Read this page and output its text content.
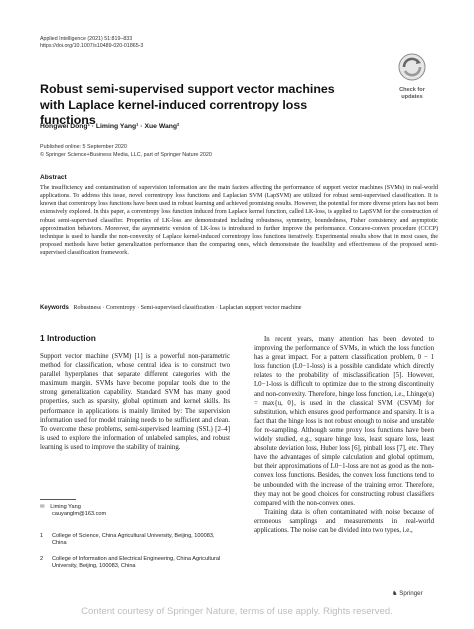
Applied Intelligence (2021) 51:819–833
https://doi.org/10.1007/s10489-020-01865-3
Check for
updates
Robust semi-supervised support vector machines with Laplace kernel-induced correntropy loss functions
Hongwei Dong¹ · Liming Yang¹ · Xue Wang²
Published online: 5 September 2020
© Springer Science+Business Media, LLC, part of Springer Nature 2020
Abstract
The insufficiency and contamination of supervision information are the main factors affecting the performance of support vector machines (SVMs) in real-world applications. To address this issue, novel correntropy loss functions and Laplacian SVM (LapSVM) are utilized for robust semi-supervised classification. It is known that correntropy loss functions have been used in robust learning and achieved promising results. However, the potential for more diverse priors has not been extensively explored. In this paper, a correntropy loss function induced from Laplace kernel function, called LK-loss, is applied to LapSVM for the construction of robust semi-supervised classifier. Properties of LK-loss are demonstrated including robustness, symmetry, boundedness, Fisher consistency and asymptotic approximation behaviors. Moreover, the asymmetric version of LK-loss is introduced to further improve the performance. Concave-convex procedure (CCCP) technique is used to handle the non-convexity of Laplace kernel-induced correntropy loss functions iteratively. Experimental results show that in most cases, the proposed methods have better generalization performance than the comparing ones, which demonstrate the feasibility and effectiveness of the proposed semi-supervised classification framework.
Keywords Robustness · Correntropy · Semi-supervised classification · Laplacian support vector machine
1 Introduction

Support vector machine (SVM) [1] is a powerful non-parametric method for classification, whose central idea is to construct two parallel hyperplanes that separate different categories with the maximum margin. SVMs have become popular tools due to the strong generalization capability. Standard SVM has many good properties, such as sparsity, global optimum and kernel skills. Its performance in applications is mainly limited by: The supervision information used for model training needs to be sufficient and clean. To overcome these problems, semi-supervised learning (SSL) [2–4] is used to explore the information of unlabeled samples, and robust learning is used to improve the stability of training.

✉ Liming Yang
cauyanglm@163.com
1 College of Science, China Agricultural University, Beijing, 100083, China
2 College of Information and Electrical Engineering, China Agricultural University, Beijing, 100083, China

In recent years, many attention has been devoted to improving the performance of SVMs, in which the loss function has a great impact. For a pattern classification problem, 0 − 1 loss function (L0−1-loss) is a possible candidate which directly relates to the probability of misclassification [5]. However, L0−1-loss is difficult to optimize due to the strong discontinuity and non-convexity. Therefore, hinge loss function, i.e., Lhinge(u) = max{u, 0}, is used in the classical SVM (CSVM) for substitution, which ensures good performance and sparsity. It is a fact that the hinge loss is not robust enough to noise and unstable for re-sampling. Although some proxy loss functions have been widely studied, e.g., square hinge loss, least square loss, least absolute deviation loss, Huber loss [6], pinball loss [7], etc. They have the advantages of simple calculation and global optimum, but their approximations of L0−1-loss are not as good as the non-convex loss functions. Besides, the convex loss functions tend to be unbounded with the increase of the training error. Therefore, they may not be good choices for constructing robust classifiers compared with the non-convex ones.

Training data is often contaminated with noise because of erroneous samplings and measurements in real-world applications. The noise can be divided into two types, i.e.,

♞ Springer
Content courtesy of Springer Nature, terms of use apply. Rights reserved.
